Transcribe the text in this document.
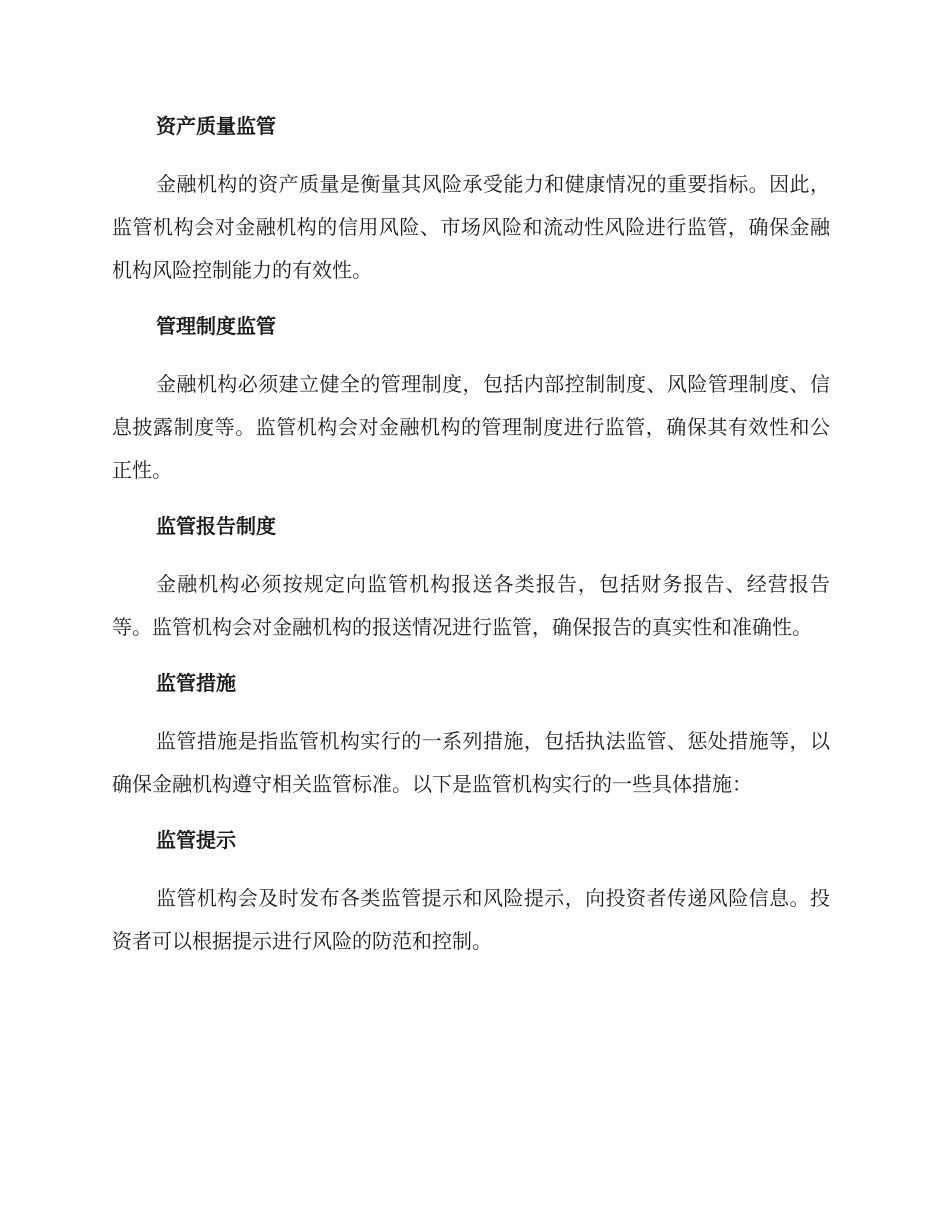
资产质量监管

金融机构的资产质量是衡量其风险承受能力和健康情况的重要指标。因此，监管机构会对金融机构的信用风险、市场风险和流动性风险进行监管，确保金融机构风险控制能力的有效性。

管理制度监管

金融机构必须建立健全的管理制度，包括内部控制制度、风险管理制度、信息披露制度等。监管机构会对金融机构的管理制度进行监管，确保其有效性和公正性。

监管报告制度

金融机构必须按规定向监管机构报送各类报告，包括财务报告、经营报告等。监管机构会对金融机构的报送情况进行监管，确保报告的真实性和准确性。

监管措施

监管措施是指监管机构实行的一系列措施，包括执法监管、惩处措施等，以确保金融机构遵守相关监管标准。以下是监管机构实行的一些具体措施：

监管提示

监管机构会及时发布各类监管提示和风险提示，向投资者传递风险信息。投资者可以根据提示进行风险的防范和控制。
